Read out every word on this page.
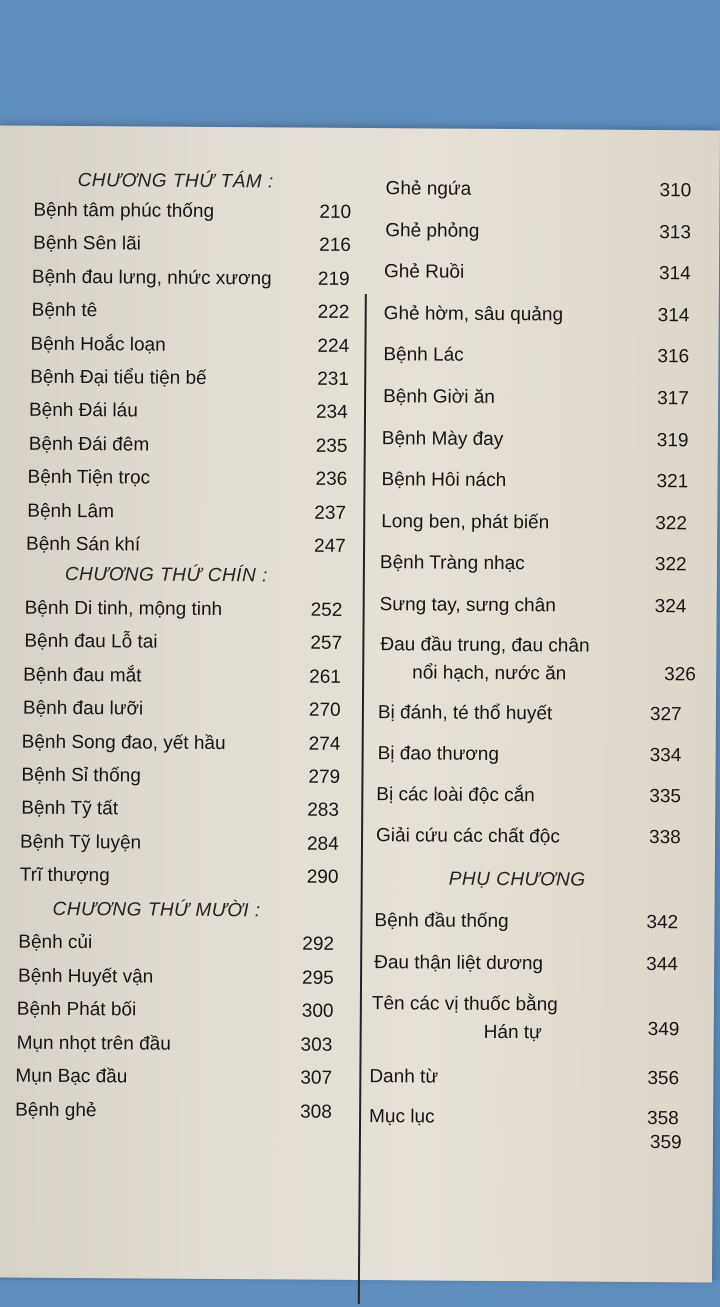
CHƯƠNG THỨ TÁM :
Bệnh tâm phúc thống	210
Bệnh Sên lãi	216
Bệnh đau lưng, nhức xương 219
Bệnh tê	222
Bệnh Hoắc loạn	224
Bệnh Đại tiểu tiện bế	231
Bệnh Đái láu	234
Bệnh Đái đêm	235
Bệnh Tiện trọc	236
Bệnh Lâm	237
Bệnh Sán khí	247
CHƯƠNG THỨ CHÍN :
Bệnh Di tinh, mộng tinh	252
Bệnh đau Lỗ tai	257
Bệnh đau mắt	261
Bệnh đau lưỡi	270
Bệnh Song đao, yết hầu	274
Bệnh Sỉ thống	279
Bệnh Tỹ tất	283
Bệnh Tỹ luyện	284
Trĩ thượng	290
CHƯƠNG THỨ MƯỜI :
Bệnh củi	292
Bệnh Huyết vận	295
Bệnh Phát bối	300
Mụn nhọt trên đầu	303
Mụn Bạc đầu	307
Bệnh ghẻ	308
Ghẻ ngứa	310
Ghẻ phỏng	313
Ghẻ Ruồi	314
Ghẻ hờm, sâu quảng	314
Bệnh Lác	316
Bệnh Giời ăn	317
Bệnh Mày đay	319
Bệnh Hôi nách	321
Long ben, phát biến	322
Bệnh Tràng nhạc	322
Sưng tay, sưng chân	324
Đau đầu trung, đau chân
nổi hạch, nước ăn	326
Bị đánh, té thổ huyết	327
Bị đao thương	334
Bị các loài độc cắn	335
Giải cứu các chất độc	338
PHỤ CHƯƠNG
Bệnh đầu thống	342
Đau thận liệt dương	344
Tên các vị thuốc bằng
Hán tự	349
Danh từ	356
Mục lục	358
359
